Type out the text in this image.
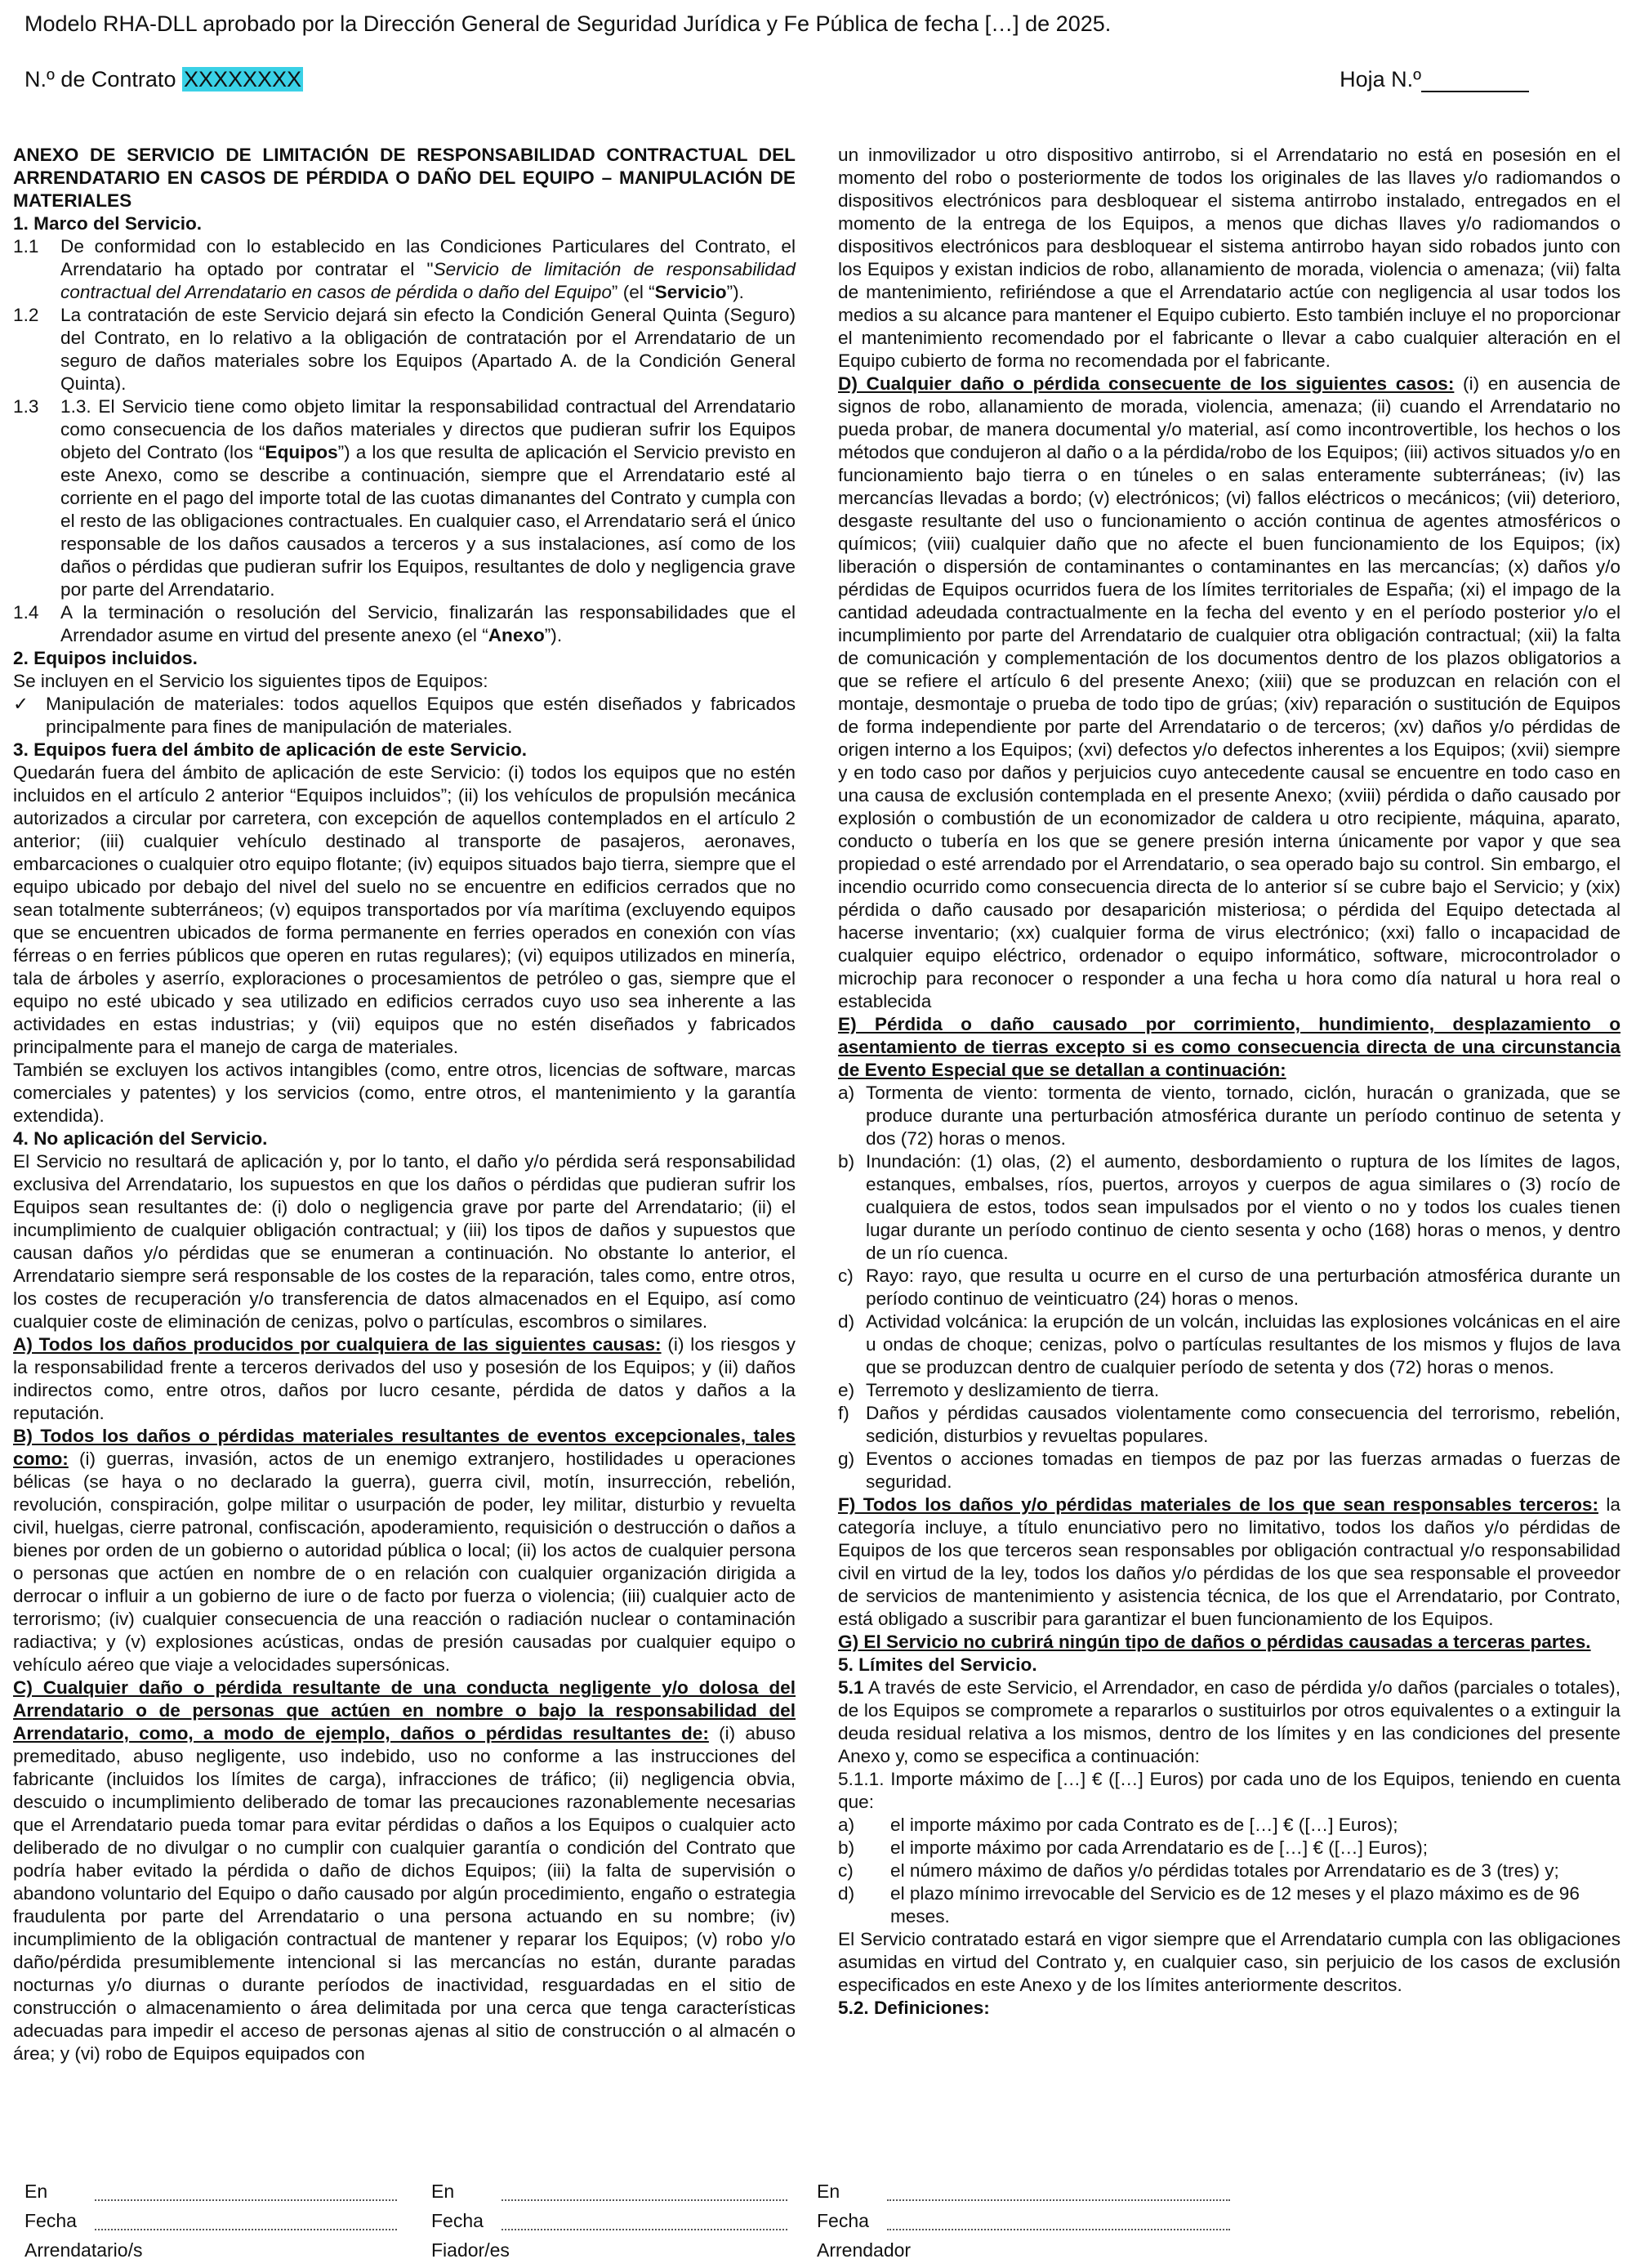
Modelo RHA-DLL aprobado por la Dirección General de Seguridad Jurídica y Fe Pública de fecha […] de 2025.
N.º de Contrato XXXXXXXX	Hoja N.º

ANEXO DE SERVICIO DE LIMITACIÓN DE RESPONSABILIDAD CONTRACTUAL DEL ARRENDATARIO EN CASOS DE PÉRDIDA O DAÑO DEL EQUIPO – MANIPULACIÓN DE MATERIALES

1. Marco del Servicio.

1.1	De conformidad con lo establecido en las Condiciones Particulares del Contrato, el Arrendatario ha optado por contratar el "Servicio de limitación de responsabilidad contractual del Arrendatario en casos de pérdida o daño del Equipo” (el “Servicio”).
1.2	La contratación de este Servicio dejará sin efecto la Condición General Quinta (Seguro) del Contrato, en lo relativo a la obligación de contratación por el Arrendatario de un seguro de daños materiales sobre los Equipos (Apartado A. de la Condición General Quinta).
1.3	1.3. El Servicio tiene como objeto limitar la responsabilidad contractual del Arrendatario como consecuencia de los daños materiales y directos que pudieran sufrir los Equipos objeto del Contrato (los “Equipos”) a los que resulta de aplicación el Servicio previsto en este Anexo, como se describe a continuación, siempre que el Arrendatario esté al corriente en el pago del importe total de las cuotas dimanantes del Contrato y cumpla con el resto de las obligaciones contractuales. En cualquier caso, el Arrendatario será el único responsable de los daños causados a terceros y a sus instalaciones, así como de los daños o pérdidas que pudieran sufrir los Equipos, resultantes de dolo y negligencia grave por parte del Arrendatario.
1.4	A la terminación o resolución del Servicio, finalizarán las responsabilidades que el Arrendador asume en virtud del presente anexo (el “Anexo”).

2. Equipos incluidos.

Se incluyen en el Servicio los siguientes tipos de Equipos:

✓ Manipulación de materiales: todos aquellos Equipos que estén diseñados y fabricados principalmente para fines de manipulación de materiales.

3. Equipos fuera del ámbito de aplicación de este Servicio.

Quedarán fuera del ámbito de aplicación de este Servicio: (i) todos los equipos que no estén incluidos en el artículo 2 anterior “Equipos incluidos”; (ii) los vehículos de propulsión mecánica autorizados a circular por carretera, con excepción de aquellos contemplados en el artículo 2 anterior; (iii) cualquier vehículo destinado al transporte de pasajeros, aeronaves, embarcaciones o cualquier otro equipo flotante; (iv) equipos situados bajo tierra, siempre que el equipo ubicado por debajo del nivel del suelo no se encuentre en edificios cerrados que no sean totalmente subterráneos; (v) equipos transportados por vía marítima (excluyendo equipos que se encuentren ubicados de forma permanente en ferries operados en conexión con vías férreas o en ferries públicos que operen en rutas regulares); (vi) equipos utilizados en minería, tala de árboles y aserrío, exploraciones o procesamientos de petróleo o gas, siempre que el equipo no esté ubicado y sea utilizado en edificios cerrados cuyo uso sea inherente a las actividades en estas industrias; y (vii) equipos que no estén diseñados y fabricados principalmente para el manejo de carga de materiales.

También se excluyen los activos intangibles (como, entre otros, licencias de software, marcas comerciales y patentes) y los servicios (como, entre otros, el mantenimiento y la garantía extendida).

4. No aplicación del Servicio.

El Servicio no resultará de aplicación y, por lo tanto, el daño y/o pérdida será responsabilidad exclusiva del Arrendatario, los supuestos en que los daños o pérdidas que pudieran sufrir los Equipos sean resultantes de: (i) dolo o negligencia grave por parte del Arrendatario; (ii) el incumplimiento de cualquier obligación contractual; y (iii) los tipos de daños y supuestos que causan daños y/o pérdidas que se enumeran a continuación. No obstante lo anterior, el Arrendatario siempre será responsable de los costes de la reparación, tales como, entre otros, los costes de recuperación y/o transferencia de datos almacenados en el Equipo, así como cualquier coste de eliminación de cenizas, polvo o partículas, escombros o similares.

A) Todos los daños producidos por cualquiera de las siguientes causas: (i) los riesgos y la responsabilidad frente a terceros derivados del uso y posesión de los Equipos; y (ii) daños indirectos como, entre otros, daños por lucro cesante, pérdida de datos y daños a la reputación.

B) Todos los daños o pérdidas materiales resultantes de eventos excepcionales, tales como: (i) guerras, invasión, actos de un enemigo extranjero, hostilidades u operaciones bélicas (se haya o no declarado la guerra), guerra civil, motín, insurrección, rebelión, revolución, conspiración, golpe militar o usurpación de poder, ley militar, disturbio y revuelta civil, huelgas, cierre patronal, confiscación, apoderamiento, requisición o destrucción o daños a bienes por orden de un gobierno o autoridad pública o local; (ii) los actos de cualquier persona o personas que actúen en nombre de o en relación con cualquier organización dirigida a derrocar o influir a un gobierno de iure o de facto por fuerza o violencia; (iii) cualquier acto de terrorismo; (iv) cualquier consecuencia de una reacción o radiación nuclear o contaminación radiactiva; y (v) explosiones acústicas, ondas de presión causadas por cualquier equipo o vehículo aéreo que viaje a velocidades supersónicas.

C) Cualquier daño o pérdida resultante de una conducta negligente y/o dolosa del Arrendatario o de personas que actúen en nombre o bajo la responsabilidad del Arrendatario, como, a modo de ejemplo, daños o pérdidas resultantes de: (i) abuso premeditado, abuso negligente, uso indebido, uso no conforme a las instrucciones del fabricante (incluidos los límites de carga), infracciones de tráfico; (ii) negligencia obvia, descuido o incumplimiento deliberado de tomar las precauciones razonablemente necesarias que el Arrendatario pueda tomar para evitar pérdidas o daños a los Equipos o cualquier acto deliberado de no divulgar o no cumplir con cualquier garantía o condición del Contrato que podría haber evitado la pérdida o daño de dichos Equipos; (iii) la falta de supervisión o abandono voluntario del Equipo o daño causado por algún procedimiento, engaño o estrategia fraudulenta por parte del Arrendatario o una persona actuando en su nombre; (iv) incumplimiento de la obligación contractual de mantener y reparar los Equipos; (v) robo y/o daño/pérdida presumiblemente intencional si las mercancías no están, durante paradas nocturnas y/o diurnas o durante períodos de inactividad, resguardadas en el sitio de construcción o almacenamiento o área delimitada por una cerca que tenga características adecuadas para impedir el acceso de personas ajenas al sitio de construcción o al almacén o área; y (vi) robo de Equipos equipados con

un inmovilizador u otro dispositivo antirrobo, si el Arrendatario no está en posesión en el momento del robo o posteriormente de todos los originales de las llaves y/o radiomandos o dispositivos electrónicos para desbloquear el sistema antirrobo instalado, entregados en el momento de la entrega de los Equipos, a menos que dichas llaves y/o radiomandos o dispositivos electrónicos para desbloquear el sistema antirrobo hayan sido robados junto con los Equipos y existan indicios de robo, allanamiento de morada, violencia o amenaza; (vii) falta de mantenimiento, refiriéndose a que el Arrendatario actúe con negligencia al usar todos los medios a su alcance para mantener el Equipo cubierto. Esto también incluye el no proporcionar el mantenimiento recomendado por el fabricante o llevar a cabo cualquier alteración en el Equipo cubierto de forma no recomendada por el fabricante.

D) Cualquier daño o pérdida consecuente de los siguientes casos: (i) en ausencia de signos de robo, allanamiento de morada, violencia, amenaza; (ii) cuando el Arrendatario no pueda probar, de manera documental y/o material, así como incontrovertible, los hechos o los métodos que condujeron al daño o a la pérdida/robo de los Equipos; (iii) activos situados y/o en funcionamiento bajo tierra o en túneles o en salas enteramente subterráneas; (iv) las mercancías llevadas a bordo; (v) electrónicos; (vi) fallos eléctricos o mecánicos; (vii) deterioro, desgaste resultante del uso o funcionamiento o acción continua de agentes atmosféricos o químicos; (viii) cualquier daño que no afecte el buen funcionamiento de los Equipos; (ix) liberación o dispersión de contaminantes o contaminantes en las mercancías; (x) daños y/o pérdidas de Equipos ocurridos fuera de los límites territoriales de España; (xi) el impago de la cantidad adeudada contractualmente en la fecha del evento y en el período posterior y/o el incumplimiento por parte del Arrendatario de cualquier otra obligación contractual; (xii) la falta de comunicación y complementación de los documentos dentro de los plazos obligatorios a que se refiere el artículo 6 del presente Anexo; (xiii) que se produzcan en relación con el montaje, desmontaje o prueba de todo tipo de grúas; (xiv) reparación o sustitución de Equipos de forma independiente por parte del Arrendatario o de terceros; (xv) daños y/o pérdidas de origen interno a los Equipos; (xvi) defectos y/o defectos inherentes a los Equipos; (xvii) siempre y en todo caso por daños y perjuicios cuyo antecedente causal se encuentre en todo caso en una causa de exclusión contemplada en el presente Anexo; (xviii) pérdida o daño causado por explosión o combustión de un economizador de caldera u otro recipiente, máquina, aparato, conducto o tubería en los que se genere presión interna únicamente por vapor y que sea propiedad o esté arrendado por el Arrendatario, o sea operado bajo su control. Sin embargo, el incendio ocurrido como consecuencia directa de lo anterior sí se cubre bajo el Servicio; y (xix) pérdida o daño causado por desaparición misteriosa; o pérdida del Equipo detectada al hacerse inventario; (xx) cualquier forma de virus electrónico; (xxi) fallo o incapacidad de cualquier equipo eléctrico, ordenador o equipo informático, software, microcontrolador o microchip para reconocer o responder a una fecha u hora como día natural u hora real o establecida

E) Pérdida o daño causado por corrimiento, hundimiento, desplazamiento o asentamiento de tierras excepto si es como consecuencia directa de una circunstancia de Evento Especial que se detallan a continuación:

a) Tormenta de viento: tormenta de viento, tornado, ciclón, huracán o granizada, que se produce durante una perturbación atmosférica durante un período continuo de setenta y dos (72) horas o menos.
b) Inundación: (1) olas, (2) el aumento, desbordamiento o ruptura de los límites de lagos, estanques, embalses, ríos, puertos, arroyos y cuerpos de agua similares o (3) rocío de cualquiera de estos, todos sean impulsados por el viento o no y todos los cuales tienen lugar durante un período continuo de ciento sesenta y ocho (168) horas o menos, y dentro de un río cuenca.
c) Rayo: rayo, que resulta u ocurre en el curso de una perturbación atmosférica durante un período continuo de veinticuatro (24) horas o menos.
d) Actividad volcánica: la erupción de un volcán, incluidas las explosiones volcánicas en el aire u ondas de choque; cenizas, polvo o partículas resultantes de los mismos y flujos de lava que se produzcan dentro de cualquier período de setenta y dos (72) horas o menos.
e) Terremoto y deslizamiento de tierra.
f) Daños y pérdidas causados violentamente como consecuencia del terrorismo, rebelión, sedición, disturbios y revueltas populares.
g) Eventos o acciones tomadas en tiempos de paz por las fuerzas armadas o fuerzas de seguridad.

F) Todos los daños y/o pérdidas materiales de los que sean responsables terceros: la categoría incluye, a título enunciativo pero no limitativo, todos los daños y/o pérdidas de Equipos de los que terceros sean responsables por obligación contractual y/o responsabilidad civil en virtud de la ley, todos los daños y/o pérdidas de los que sea responsable el proveedor de servicios de mantenimiento y asistencia técnica, de los que el Arrendatario, por Contrato, está obligado a suscribir para garantizar el buen funcionamiento de los Equipos.

G) El Servicio no cubrirá ningún tipo de daños o pérdidas causadas a terceras partes.

5. Límites del Servicio.

5.1 A través de este Servicio, el Arrendador, en caso de pérdida y/o daños (parciales o totales), de los Equipos se compromete a repararlos o sustituirlos por otros equivalentes o a extinguir la deuda residual relativa a los mismos, dentro de los límites y en las condiciones del presente Anexo y, como se especifica a continuación:

5.1.1. Importe máximo de […] € ([…] Euros) por cada uno de los Equipos, teniendo en cuenta que:

a)	el importe máximo por cada Contrato es de […] € ([…] Euros);
b)	el importe máximo por cada Arrendatario es de […] € ([…] Euros);
c)	el número máximo de daños y/o pérdidas totales por Arrendatario es de 3 (tres) y;
d)	el plazo mínimo irrevocable del Servicio es de 12 meses y el plazo máximo es de 96 meses.

El Servicio contratado estará en vigor siempre que el Arrendatario cumpla con las obligaciones asumidas en virtud del Contrato y, en cualquier caso, sin perjuicio de los casos de exclusión especificados en este Anexo y de los límites anteriormente descritos.

5.2. Definiciones:

En
Fecha
Arrendatario/s
En
Fecha
Fiador/es
En
Fecha
Arrendador
